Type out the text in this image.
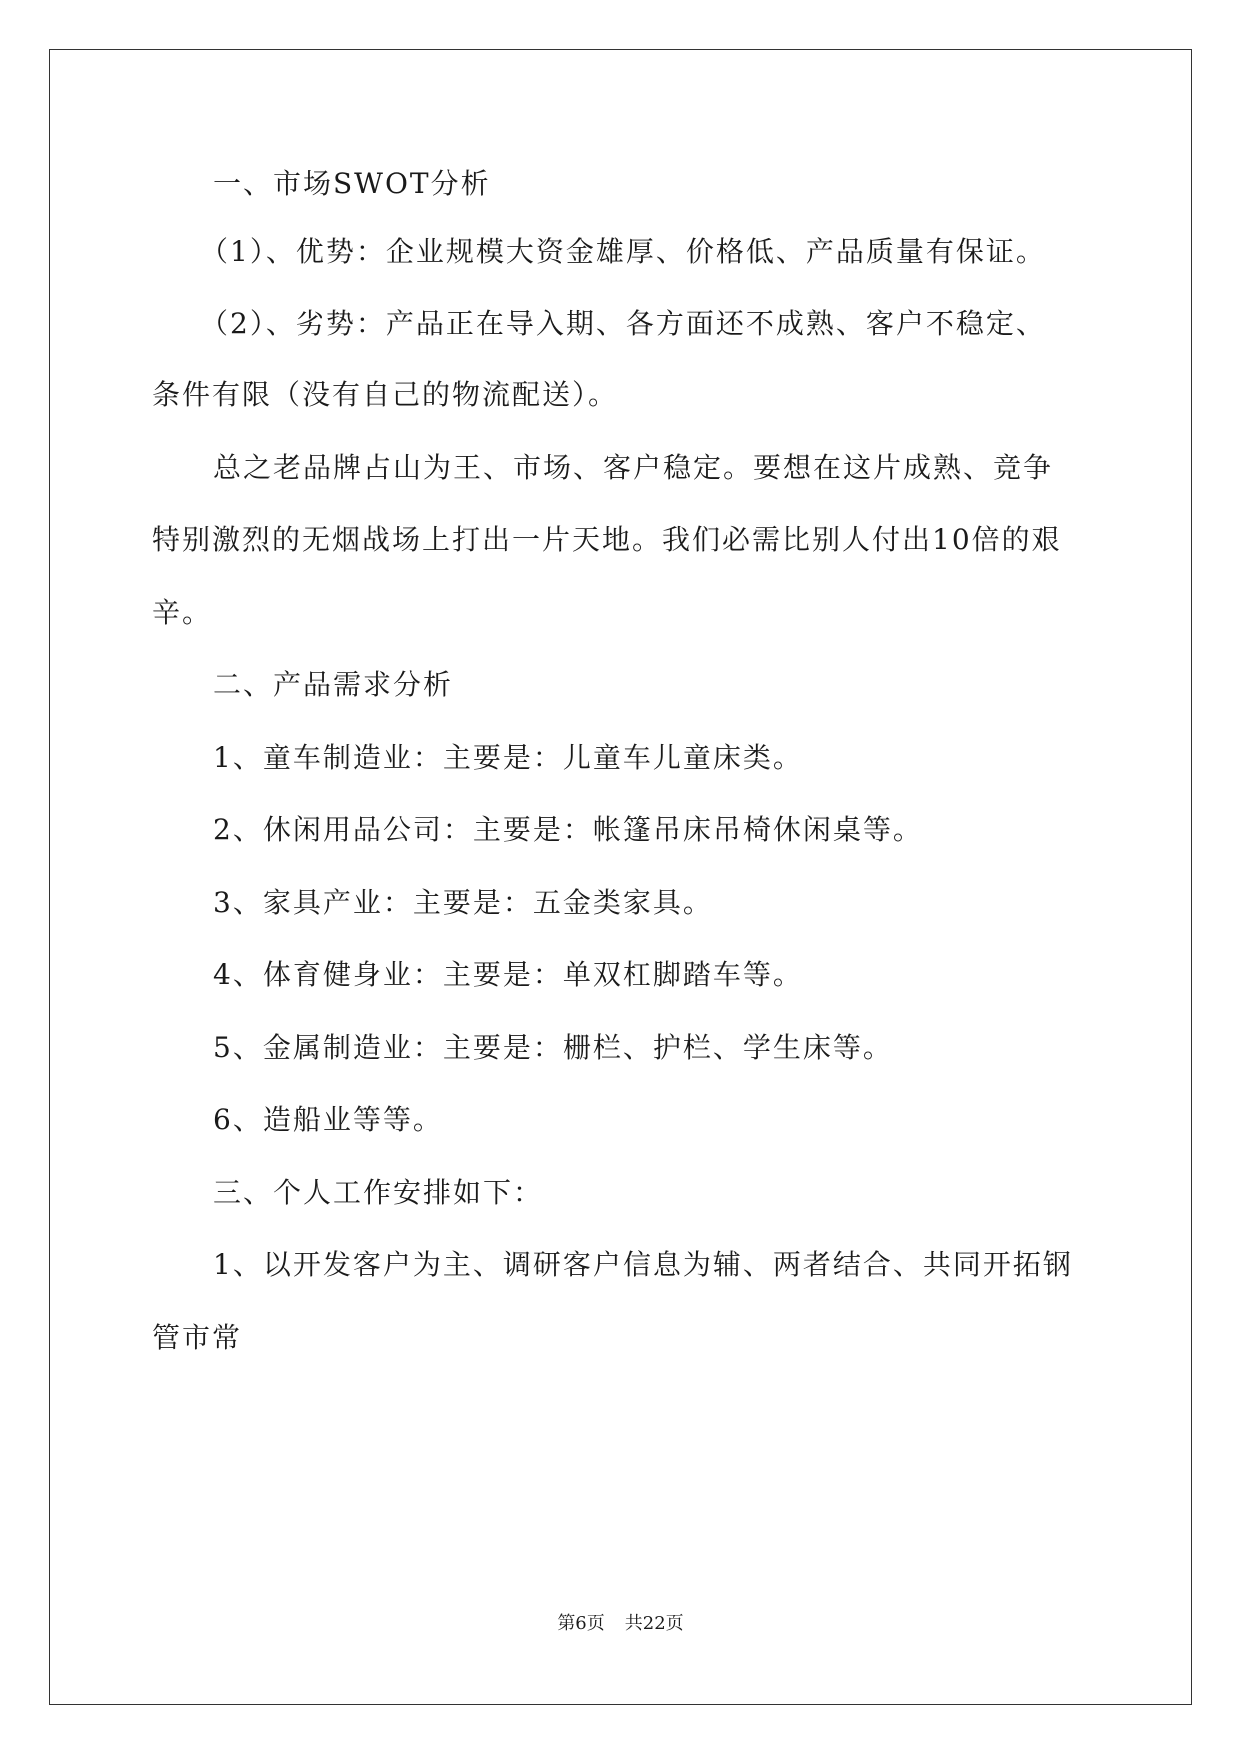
一、市场SWOT分析
（1）、优势：企业规模大资金雄厚、价格低、产品质量有保证。
（2）、劣势：产品正在导入期、各方面还不成熟、客户不稳定、
条件有限（没有自己的物流配送）。
总之老品牌占山为王、市场、客户稳定。要想在这片成熟、竞争
特别激烈的无烟战场上打出一片天地。我们必需比别人付出10倍的艰
辛。
二、产品需求分析
1、童车制造业：主要是：儿童车儿童床类。
2、休闲用品公司：主要是：帐篷吊床吊椅休闲桌等。
3、家具产业：主要是：五金类家具。
4、体育健身业：主要是：单双杠脚踏车等。
5、金属制造业：主要是：栅栏、护栏、学生床等。
6、造船业等等。
三、个人工作安排如下：
1、以开发客户为主、调研客户信息为辅、两者结合、共同开拓钢
管市常
第6页 共22页
